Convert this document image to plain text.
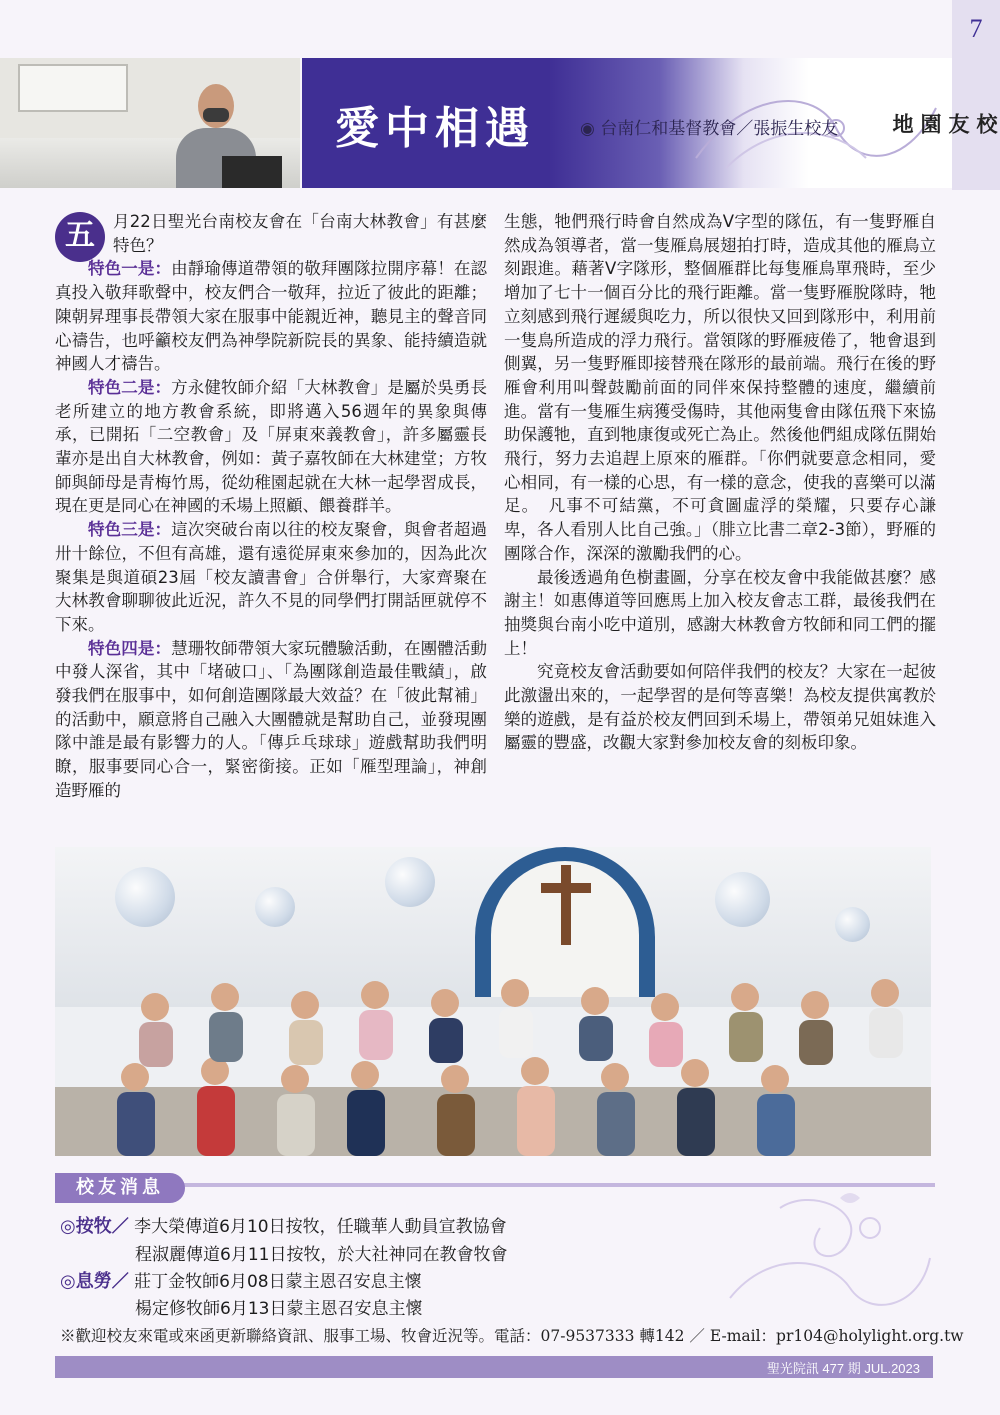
愛中相遇	◉ 台南仁和基督教會／張振生校友
7
校
友
園
地
五	月22日聖光台南校友會在「台南大林教會」有甚麼特色？

特色一是：由靜瑜傳道帶領的敬拜團隊拉開序幕！在認真投入敬拜歌聲中，校友們合一敬拜，拉近了彼此的距離；陳朝昇理事長帶領大家在服事中能親近神，聽見主的聲音同心禱告，也呼籲校友們為神學院新院長的異象、能持續造就神國人才禱告。

特色二是：方永健牧師介紹「大林教會」是屬於吳勇長老所建立的地方教會系統，即將邁入56週年的異象與傳承，已開拓「二空教會」及「屏東來義教會」，許多屬靈長輩亦是出自大林教會，例如：黃子嘉牧師在大林建堂；方牧師與師母是青梅竹馬，從幼稚園起就在大林一起學習成長，現在更是同心在神國的禾場上照顧、餵養群羊。

特色三是：這次突破台南以往的校友聚會，與會者超過卅十餘位，不但有高雄，還有遠從屏東來參加的，因為此次聚集是與道碩23屆「校友讀書會」合併舉行，大家齊聚在大林教會聊聊彼此近況，許久不見的同學們打開話匣就停不下來。

特色四是：慧珊牧師帶領大家玩體驗活動，在團體活動中發人深省，其中「堵破口」、「為團隊創造最佳戰績」，啟發我們在服事中，如何創造團隊最大效益？在「彼此幫補」的活動中，願意將自己融入大團體就是幫助自己，並發現團隊中誰是最有影響力的人。「傳乒乓球球」遊戲幫助我們明瞭，服事要同心合一，緊密銜接。正如「雁型理論」，神創造野雁的

生態，牠們飛行時會自然成為V字型的隊伍，有一隻野雁自然成為領導者，當一隻雁鳥展翅拍打時，造成其他的雁鳥立刻跟進。藉著V字隊形，整個雁群比每隻雁鳥單飛時，至少增加了七十一個百分比的飛行距離。當一隻野雁脫隊時，牠立刻感到飛行遲緩與吃力，所以很快又回到隊形中，利用前一隻鳥所造成的浮力飛行。當領隊的野雁疲倦了，牠會退到側翼，另一隻野雁即接替飛在隊形的最前端。飛行在後的野雁會利用叫聲鼓勵前面的同伴來保持整體的速度，繼續前進。當有一隻雁生病獲受傷時，其他兩隻會由隊伍飛下來協助保護牠，直到牠康復或死亡為止。然後他們組成隊伍開始飛行，努力去追趕上原來的雁群。「你們就要意念相同，愛心相同，有一樣的心思，有一樣的意念，使我的喜樂可以滿足。　凡事不可結黨，不可貪圖虛浮的榮耀，只要存心謙卑，各人看別人比自己強。」（腓立比書二章2-3節），野雁的團隊合作，深深的激勵我們的心。

最後透過角色樹畫圖，分享在校友會中我能做甚麼？感謝主！如惠傳道等回應馬上加入校友會志工群，最後我們在抽獎與台南小吃中道別，感謝大林教會方牧師和同工們的擺上！

究竟校友會活動要如何陪伴我們的校友？大家在一起彼此激盪出來的，一起學習的是何等喜樂！為校友提供寓教於樂的遊戲，是有益於校友們回到禾場上，帶領弟兄姐妹進入屬靈的豐盛，改觀大家對參加校友會的刻板印象。

校友消息
◎按牧／ 李大榮傳道6月10日按牧，任職華人動員宣教協會
程淑麗傳道6月11日按牧，於大社神同在教會牧會
◎息勞／ 莊丁金牧師6月08日蒙主恩召安息主懷
楊定修牧師6月13日蒙主恩召安息主懷
※歡迎校友來電或來函更新聯絡資訊、服事工場、牧會近況等。電話：07-9537333 轉142 ／ E-mail：pr104@holylight.org.tw
聖光院訊 477 期 JUL.2023
